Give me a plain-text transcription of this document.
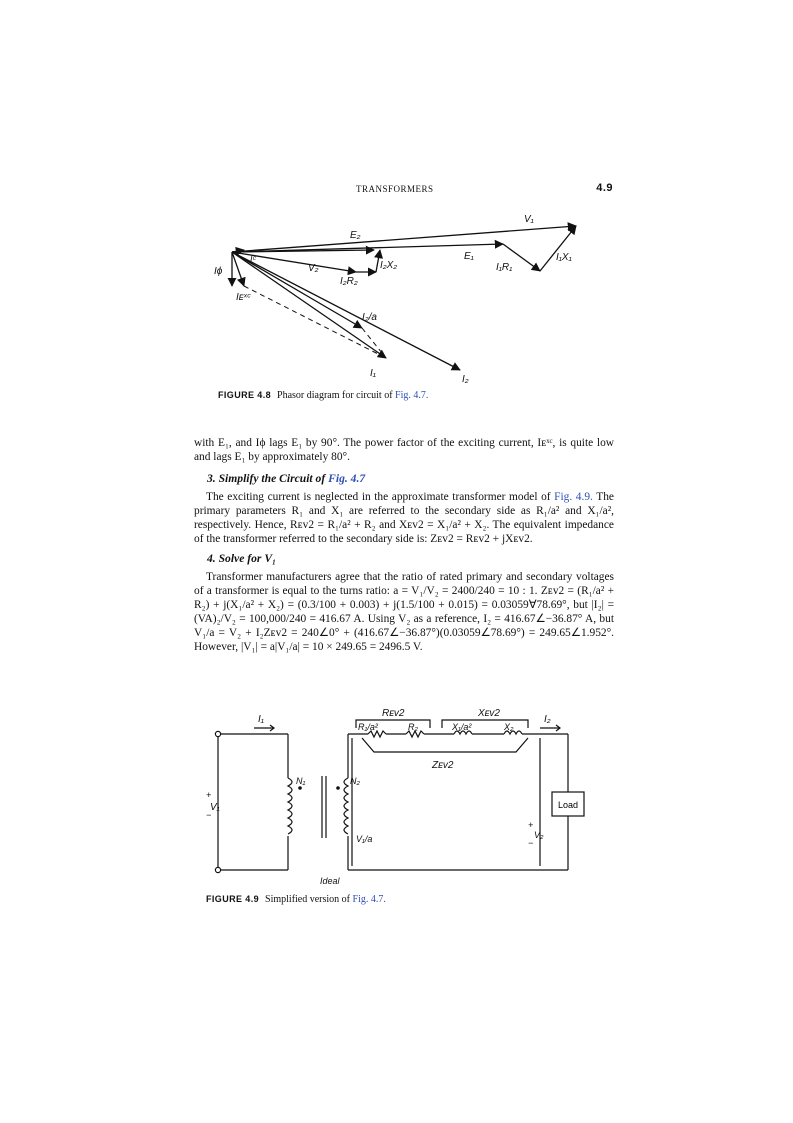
TRANSFORMERS	4.9
V₁
E₂
I₂X₂
E₁
I₁R₁
I₁X₁
V₂
I₂R₂
Iϕ
Iᶜ
Iᴇˣᶜ
I₂/a
I₁
I₂
FIGURE 4.8 Phasor diagram for circuit of Fig. 4.7.

with E₁, and Iϕ lags E₁ by 90°. The power factor of the exciting current, Iᴇˣᶜ, is quite low and lags E₁ by approximately 80°.

3. Simplify the Circuit of Fig. 4.7

The exciting current is neglected in the approximate transformer model of Fig. 4.9. The primary parameters R₁ and X₁ are referred to the secondary side as R₁/a² and X₁/a², respectively. Hence, Rᴇᴠ2 = R₁/a² + R₂ and Xᴇᴠ2 = X₁/a² + X₂. The equivalent impedance of the transformer referred to the secondary side is: Zᴇᴠ2 = Rᴇᴠ2 + jXᴇᴠ2.

4. Solve for V₁

Transformer manufacturers agree that the ratio of rated primary and secondary voltages of a transformer is equal to the turns ratio: a = V₁/V₂ = 2400/240 = 10 : 1. Zᴇᴠ2 = (R₁/a² + R₂) + j(X₁/a² + X₂) = (0.3/100 + 0.003) + j(1.5/100 + 0.015) = 0.03059∀78.69°, but |I₂| = (VA)₂/V₂ = 100,000/240 = 416.67 A. Using V₂ as a reference, I₂ = 416.67∠−36.87° A, but V₁/a = V₂ + I₂Zᴇᴠ2 = 240∠0° + (416.67∠−36.87°)(0.03059∠78.69°) = 249.65∠1.952°. However, |V₁| = a|V₁/a| = 10 × 249.65 = 2496.5 V.

Rᴇᴠ2	Xᴇᴠ2
R₁/a²	R₂	X₁/a²	X₂
I₁	I₂
Zᴇᴠ2
N₁	N₂
+
V₁
−
V₁/a
+
V₂
−
Load
Ideal
FIGURE 4.9 Simplified version of Fig. 4.7.
